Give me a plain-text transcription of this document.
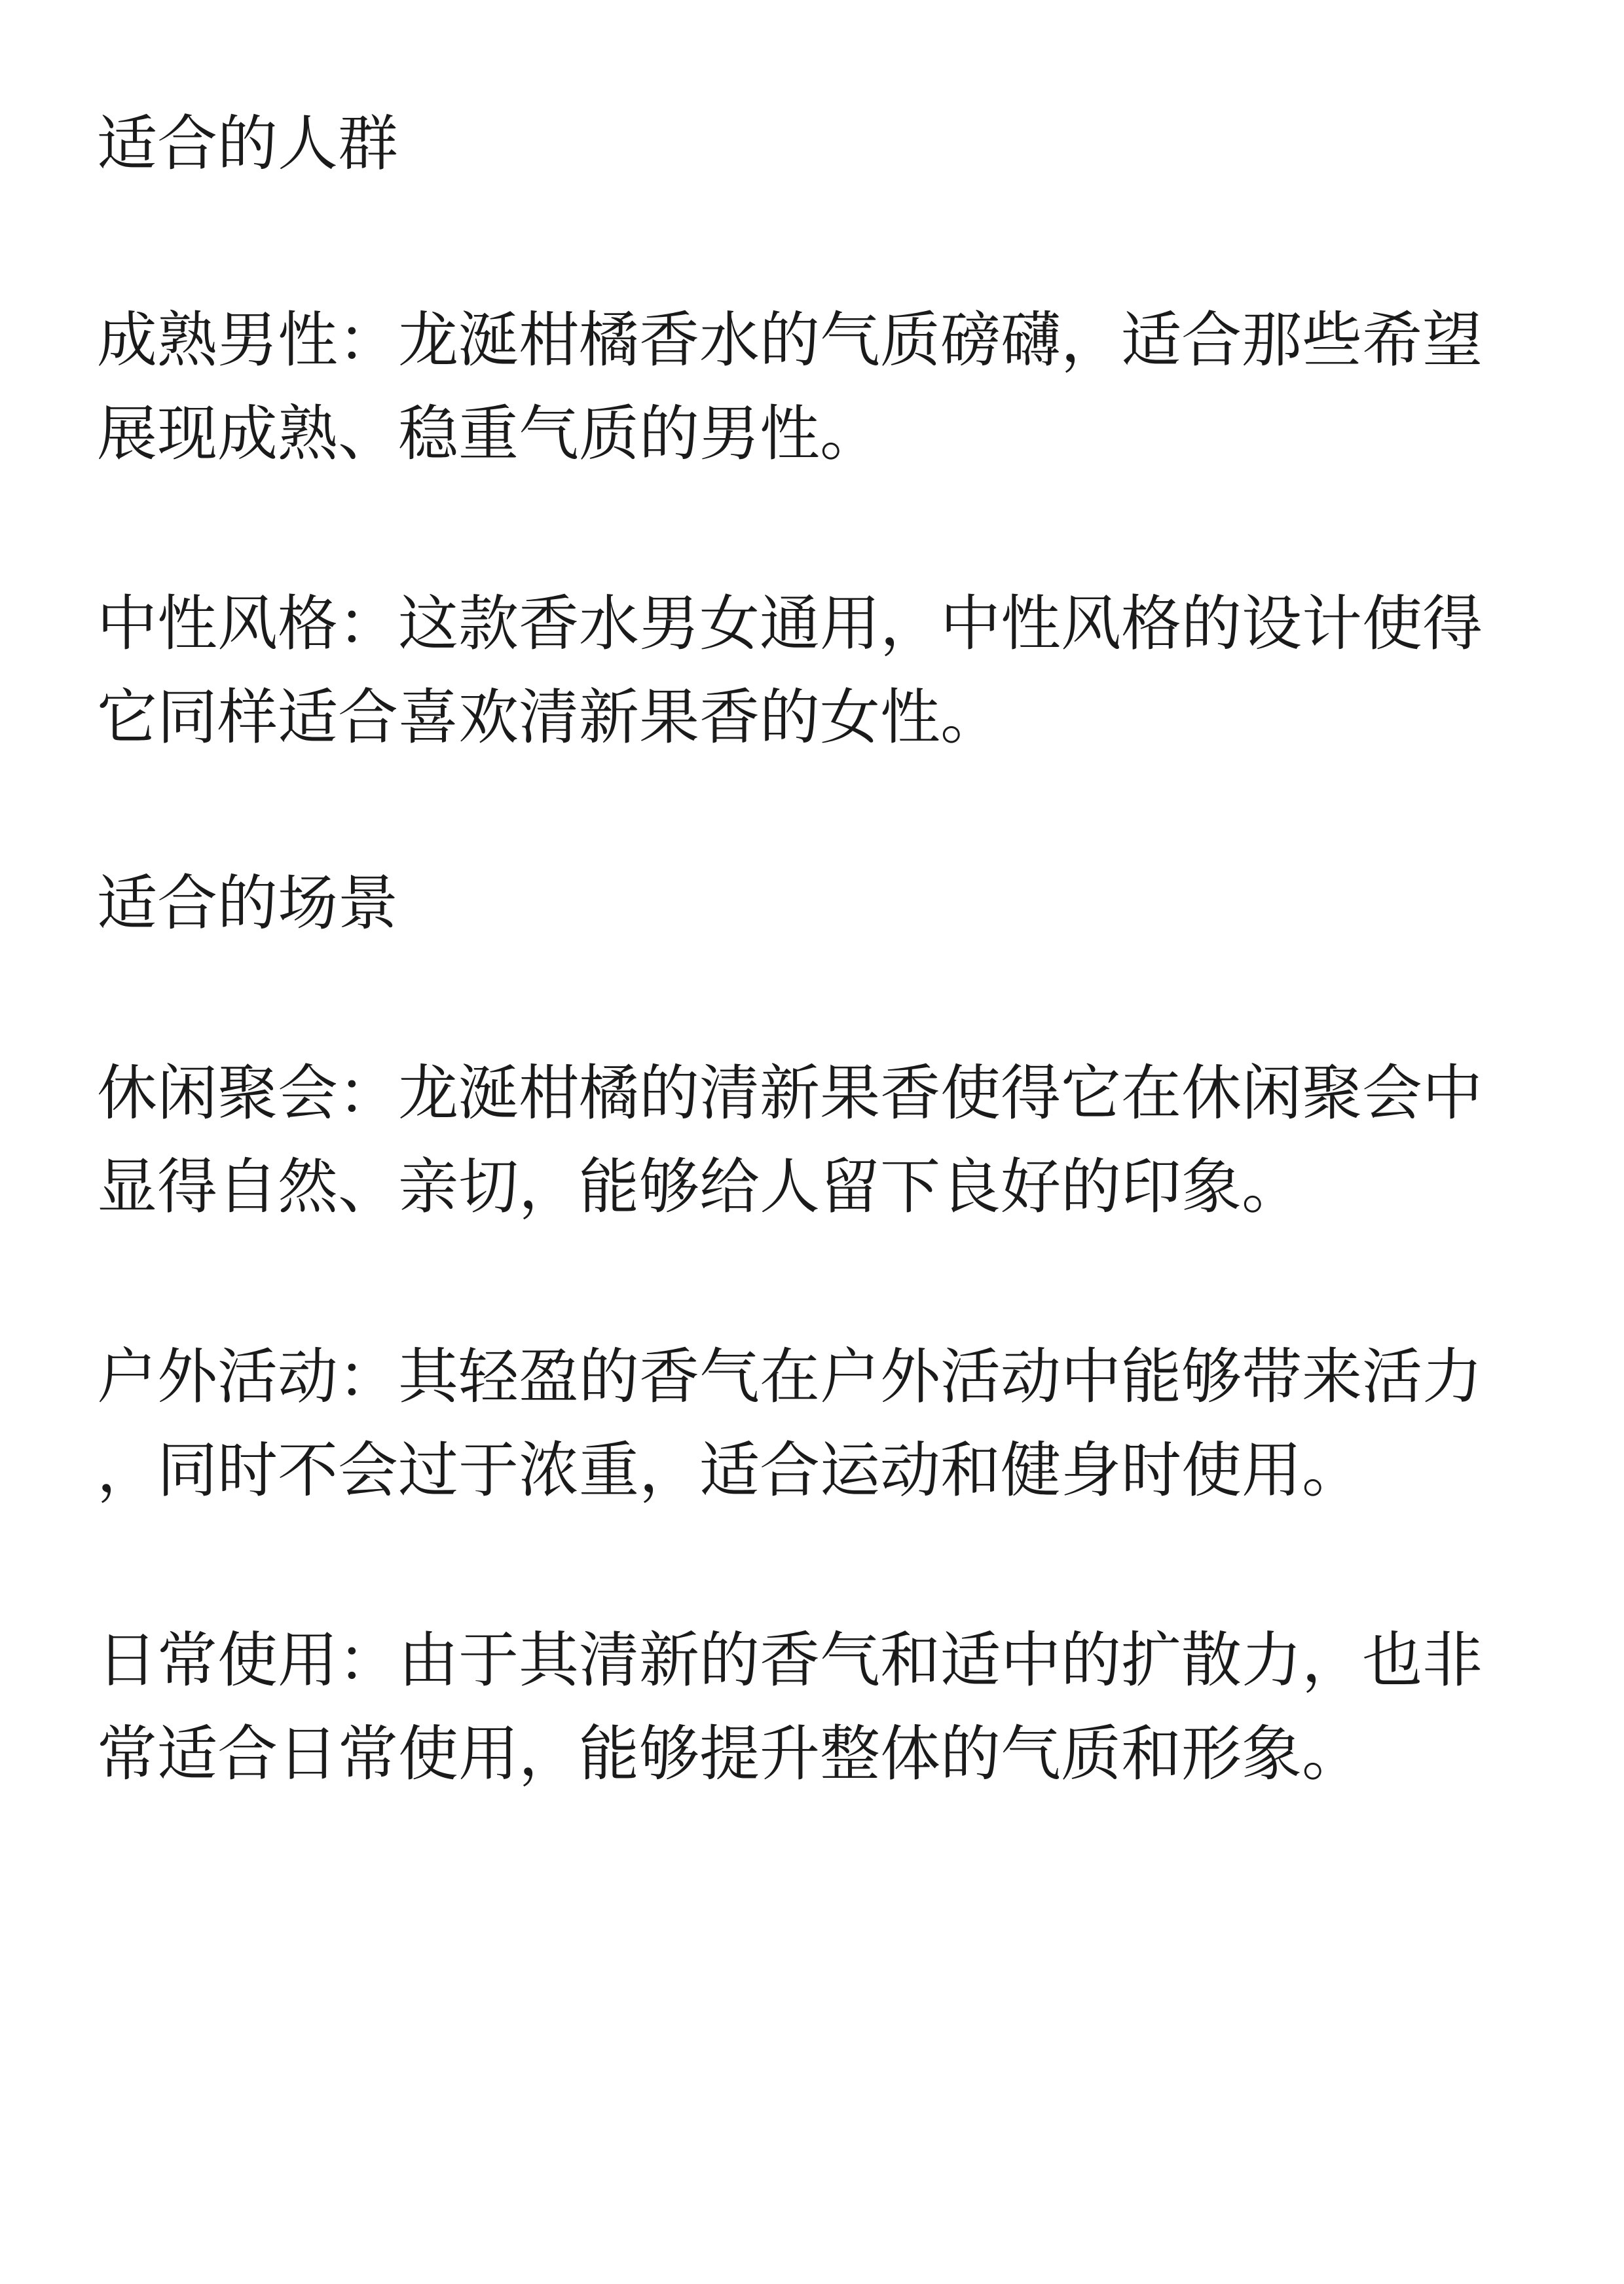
适合的人群
成熟男性：龙涎柑橘香水的气质磅礴，适合那些希望
展现成熟、稳重气质的男性。
中性风格：这款香水男女通用，中性风格的设计使得
它同样适合喜欢清新果香的女性。
适合的场景
休闲聚会：龙涎柑橘的清新果香使得它在休闲聚会中
显得自然、亲切，能够给人留下良好的印象。
户外活动：其轻盈的香气在户外活动中能够带来活力
，同时不会过于浓重，适合运动和健身时使用。
日常使用：由于其清新的香气和适中的扩散力，也非
常适合日常使用，能够提升整体的气质和形象。
